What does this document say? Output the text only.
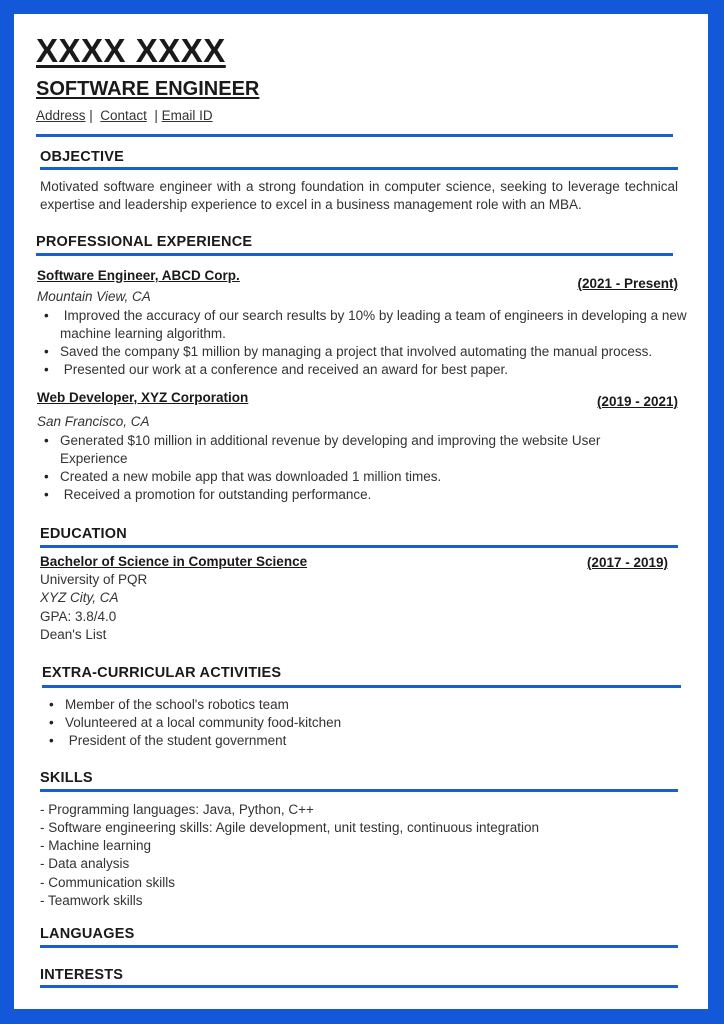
XXXX XXXX
SOFTWARE ENGINEER
Address |  Contact  | Email ID
OBJECTIVE
Motivated software engineer with a strong foundation in computer science, seeking to leverage technical expertise and leadership experience to excel in a business management role with an MBA.
PROFESSIONAL EXPERIENCE
Software Engineer, ABCD Corp.
(2021 - Present)
Mountain View, CA
•  Improved the accuracy of our search results by 10% by leading a team of engineers in developing a new machine learning algorithm.
• Saved the company $1 million by managing a project that involved automating the manual process.
•  Presented our work at a conference and received an award for best paper.
Web Developer, XYZ Corporation	(2019 - 2021)
San Francisco, CA
• Generated $10 million in additional revenue by developing and improving the website User Experience
• Created a new mobile app that was downloaded 1 million times.
•  Received a promotion for outstanding performance.
EDUCATION
Bachelor of Science in Computer Science	(2017 - 2019)
University of PQR
XYZ City, CA
GPA: 3.8/4.0
Dean's List
EXTRA-CURRICULAR ACTIVITIES
• Member of the school's robotics team
• Volunteered at a local community food-kitchen
•  President of the student government
SKILLS
- Programming languages: Java, Python, C++
- Software engineering skills: Agile development, unit testing, continuous integration
- Machine learning
- Data analysis
- Communication skills
- Teamwork skills
LANGUAGES
INTERESTS
